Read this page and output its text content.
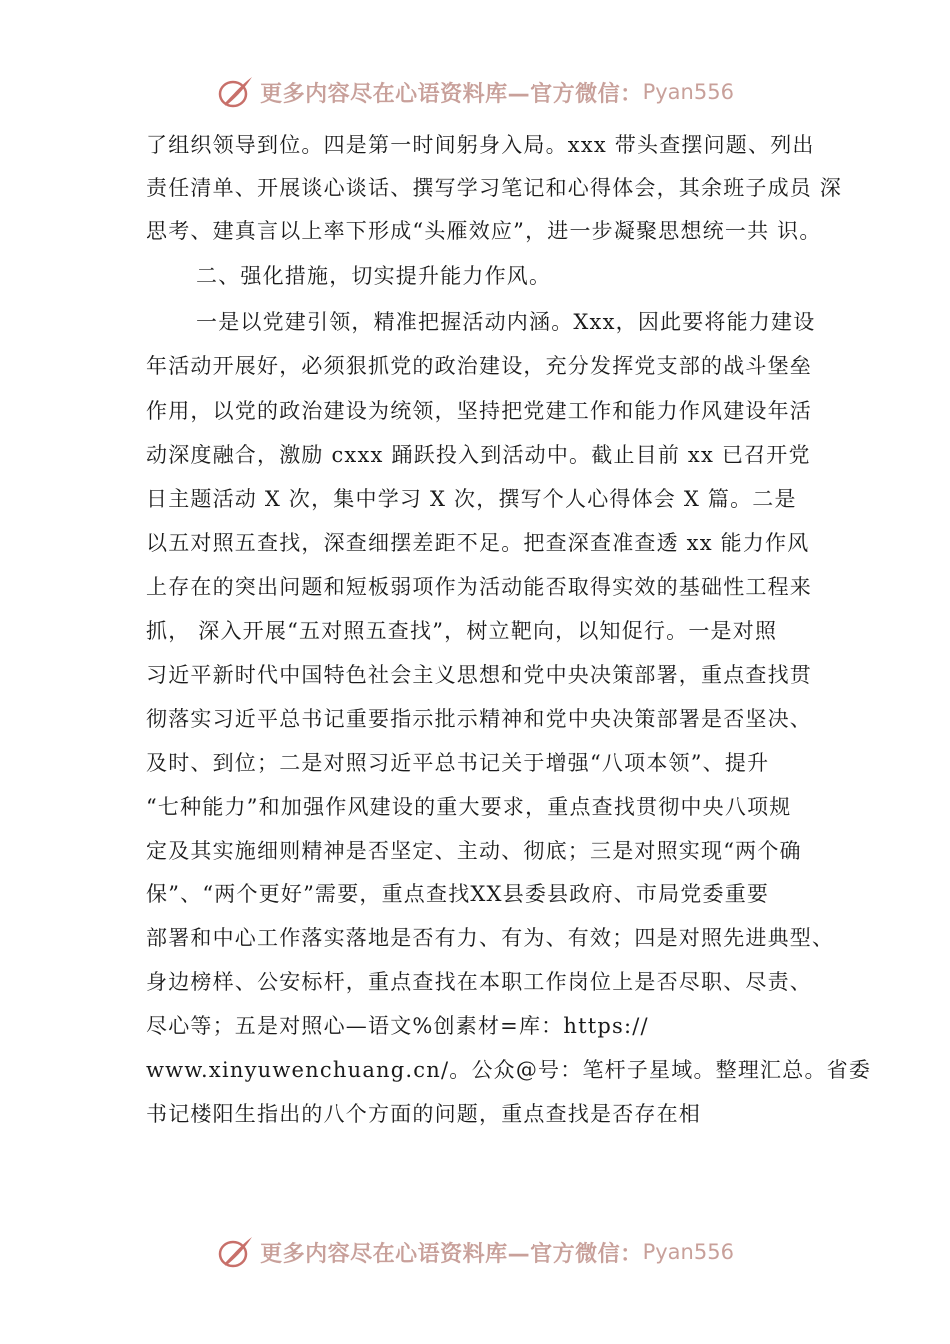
更多内容尽在心语资料库—官方微信： Pyan556
了组织领导到位。四是第一时间躬身入局。xxx 带头查摆问题、列出
责任清单、开展谈心谈话、撰写学习笔记和心得体会，其余班子成员 深
思考、建真言以上率下形成“头雁效应”，进一步凝聚思想统一共 识。
二、强化措施，切实提升能力作风。
一是以党建引领，精准把握活动内涵。Xxx，因此要将能力建设
年活动开展好，必须狠抓党的政治建设，充分发挥党支部的战斗堡垒
作用，以党的政治建设为统领，坚持把党建工作和能力作风建设年活
动深度融合，激励 cxxx 踊跃投入到活动中。截止目前 xx 已召开党
日主题活动 X 次，集中学习 X 次，撰写个人心得体会 X 篇。二是
以五对照五查找，深查细摆差距不足。把查深查准查透 xx 能力作风
上存在的突出问题和短板弱项作为活动能否取得实效的基础性工程来
抓， 深入开展“五对照五查找”，树立靶向，以知促行。一是对照
习近平新时代中国特色社会主义思想和党中央决策部署，重点查找贯
彻落实习近平总书记重要指示批示精神和党中央决策部署是否坚决、
及时、到位；二是对照习近平总书记关于增强“八项本领”、提升
“七种能力”和加强作风建设的重大要求，重点查找贯彻中央八项规
定及其实施细则精神是否坚定、主动、彻底；三是对照实现“两个确
保”、“两个更好”需要，重点查找XX县委县政府、市局党委重要
部署和中心工作落实落地是否有力、有为、有效；四是对照先进典型、
身边榜样、公安标杆，重点查找在本职工作岗位上是否尽职、尽责、
尽心等；五是对照心—语文%创素材=库：https://
www.xinyuwenchuang.cn/。公众@号：笔杆子星域。整理汇总。省委
书记楼阳生指出的八个方面的问题，重点查找是否存在相
更多内容尽在心语资料库—官方微信： Pyan556
